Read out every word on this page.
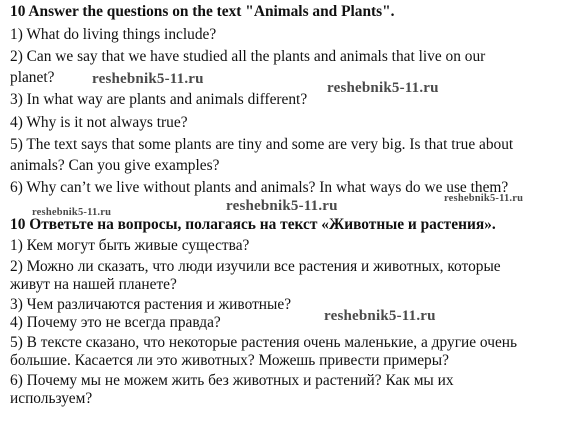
10 Answer the questions on the text "Animals and Plants".
1) What do living things include?
2) Can we say that we have studied all the plants and animals that live on our
planet?
3) In what way are plants and animals different?
4) Why is it not always true?
5) The text says that some plants are tiny and some are very big. Is that true about
animals? Can you give examples?
6) Why can’t we live without plants and animals? In what ways do we use them?
10 Ответьте на вопросы, полагаясь на текст «Животные и растения».
1) Кем могут быть живые существа?
2) Можно ли сказать, что люди изучили все растения и животных, которые
живут на нашей планете?
3) Чем различаются растения и животные?
4) Почему это не всегда правда?
5) В тексте сказано, что некоторые растения очень маленькие, а другие очень
большие. Касается ли это животных? Можешь привести примеры?
6) Почему мы не можем жить без животных и растений? Как мы их
используем?
reshebnik5-11.ru
reshebnik5-11.ru
reshebnik5-11.ru
reshebnik5-11.ru
reshebnik5-11.ru
reshebnik5-11.ru
